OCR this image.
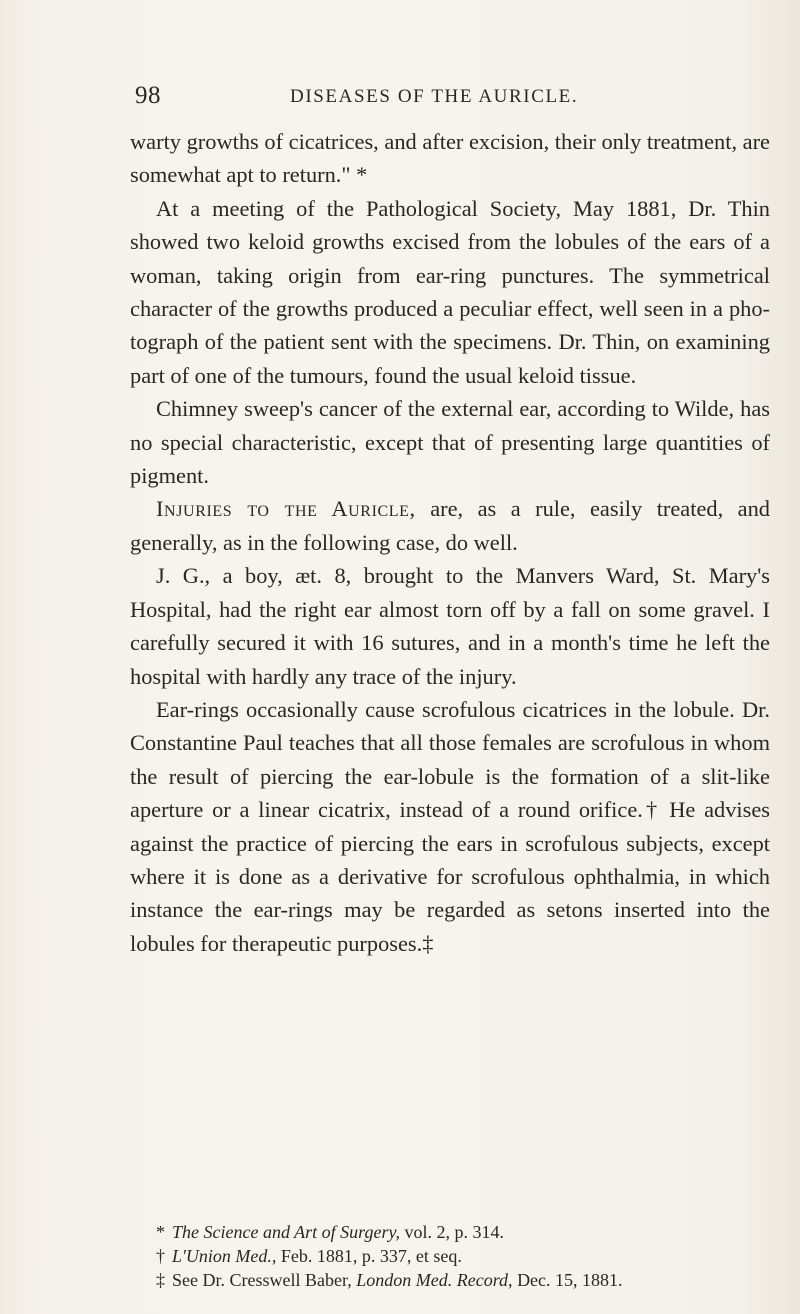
98	DISEASES OF THE AURICLE.

warty growths of cicatrices, and after excision, their only treatment, are somewhat apt to return." *

At a meeting of the Pathological Society, May 1881, Dr. Thin showed two keloid growths excised from the lobules of the ears of a woman, taking origin from ear-ring punctures. The symmetrical character of the growths produced a peculiar effect, well seen in a photograph of the patient sent with the specimens. Dr. Thin, on examining part of one of the tumours, found the usual keloid tissue.

Chimney sweep's cancer of the external ear, according to Wilde, has no special characteristic, except that of presenting large quantities of pigment.

Injuries to the Auricle, are, as a rule, easily treated, and generally, as in the following case, do well.

J. G., a boy, æt. 8, brought to the Manvers Ward, St. Mary's Hospital, had the right ear almost torn off by a fall on some gravel. I carefully secured it with 16 sutures, and in a month's time he left the hospital with hardly any trace of the injury.

Ear-rings occasionally cause scrofulous cicatrices in the lobule. Dr. Constantine Paul teaches that all those females are scrofulous in whom the result of piercing the ear-lobule is the formation of a slit-like aperture or a linear cicatrix, instead of a round orifice.† He advises against the practice of piercing the ears in scrofulous subjects, except where it is done as a derivative for scrofulous ophthalmia, in which instance the ear-rings may be regarded as setons inserted into the lobules for therapeutic purposes.‡

* The Science and Art of Surgery, vol. 2, p. 314.

† L'Union Med., Feb. 1881, p. 337, et seq.

‡ See Dr. Cresswell Baber, London Med. Record, Dec. 15, 1881.
